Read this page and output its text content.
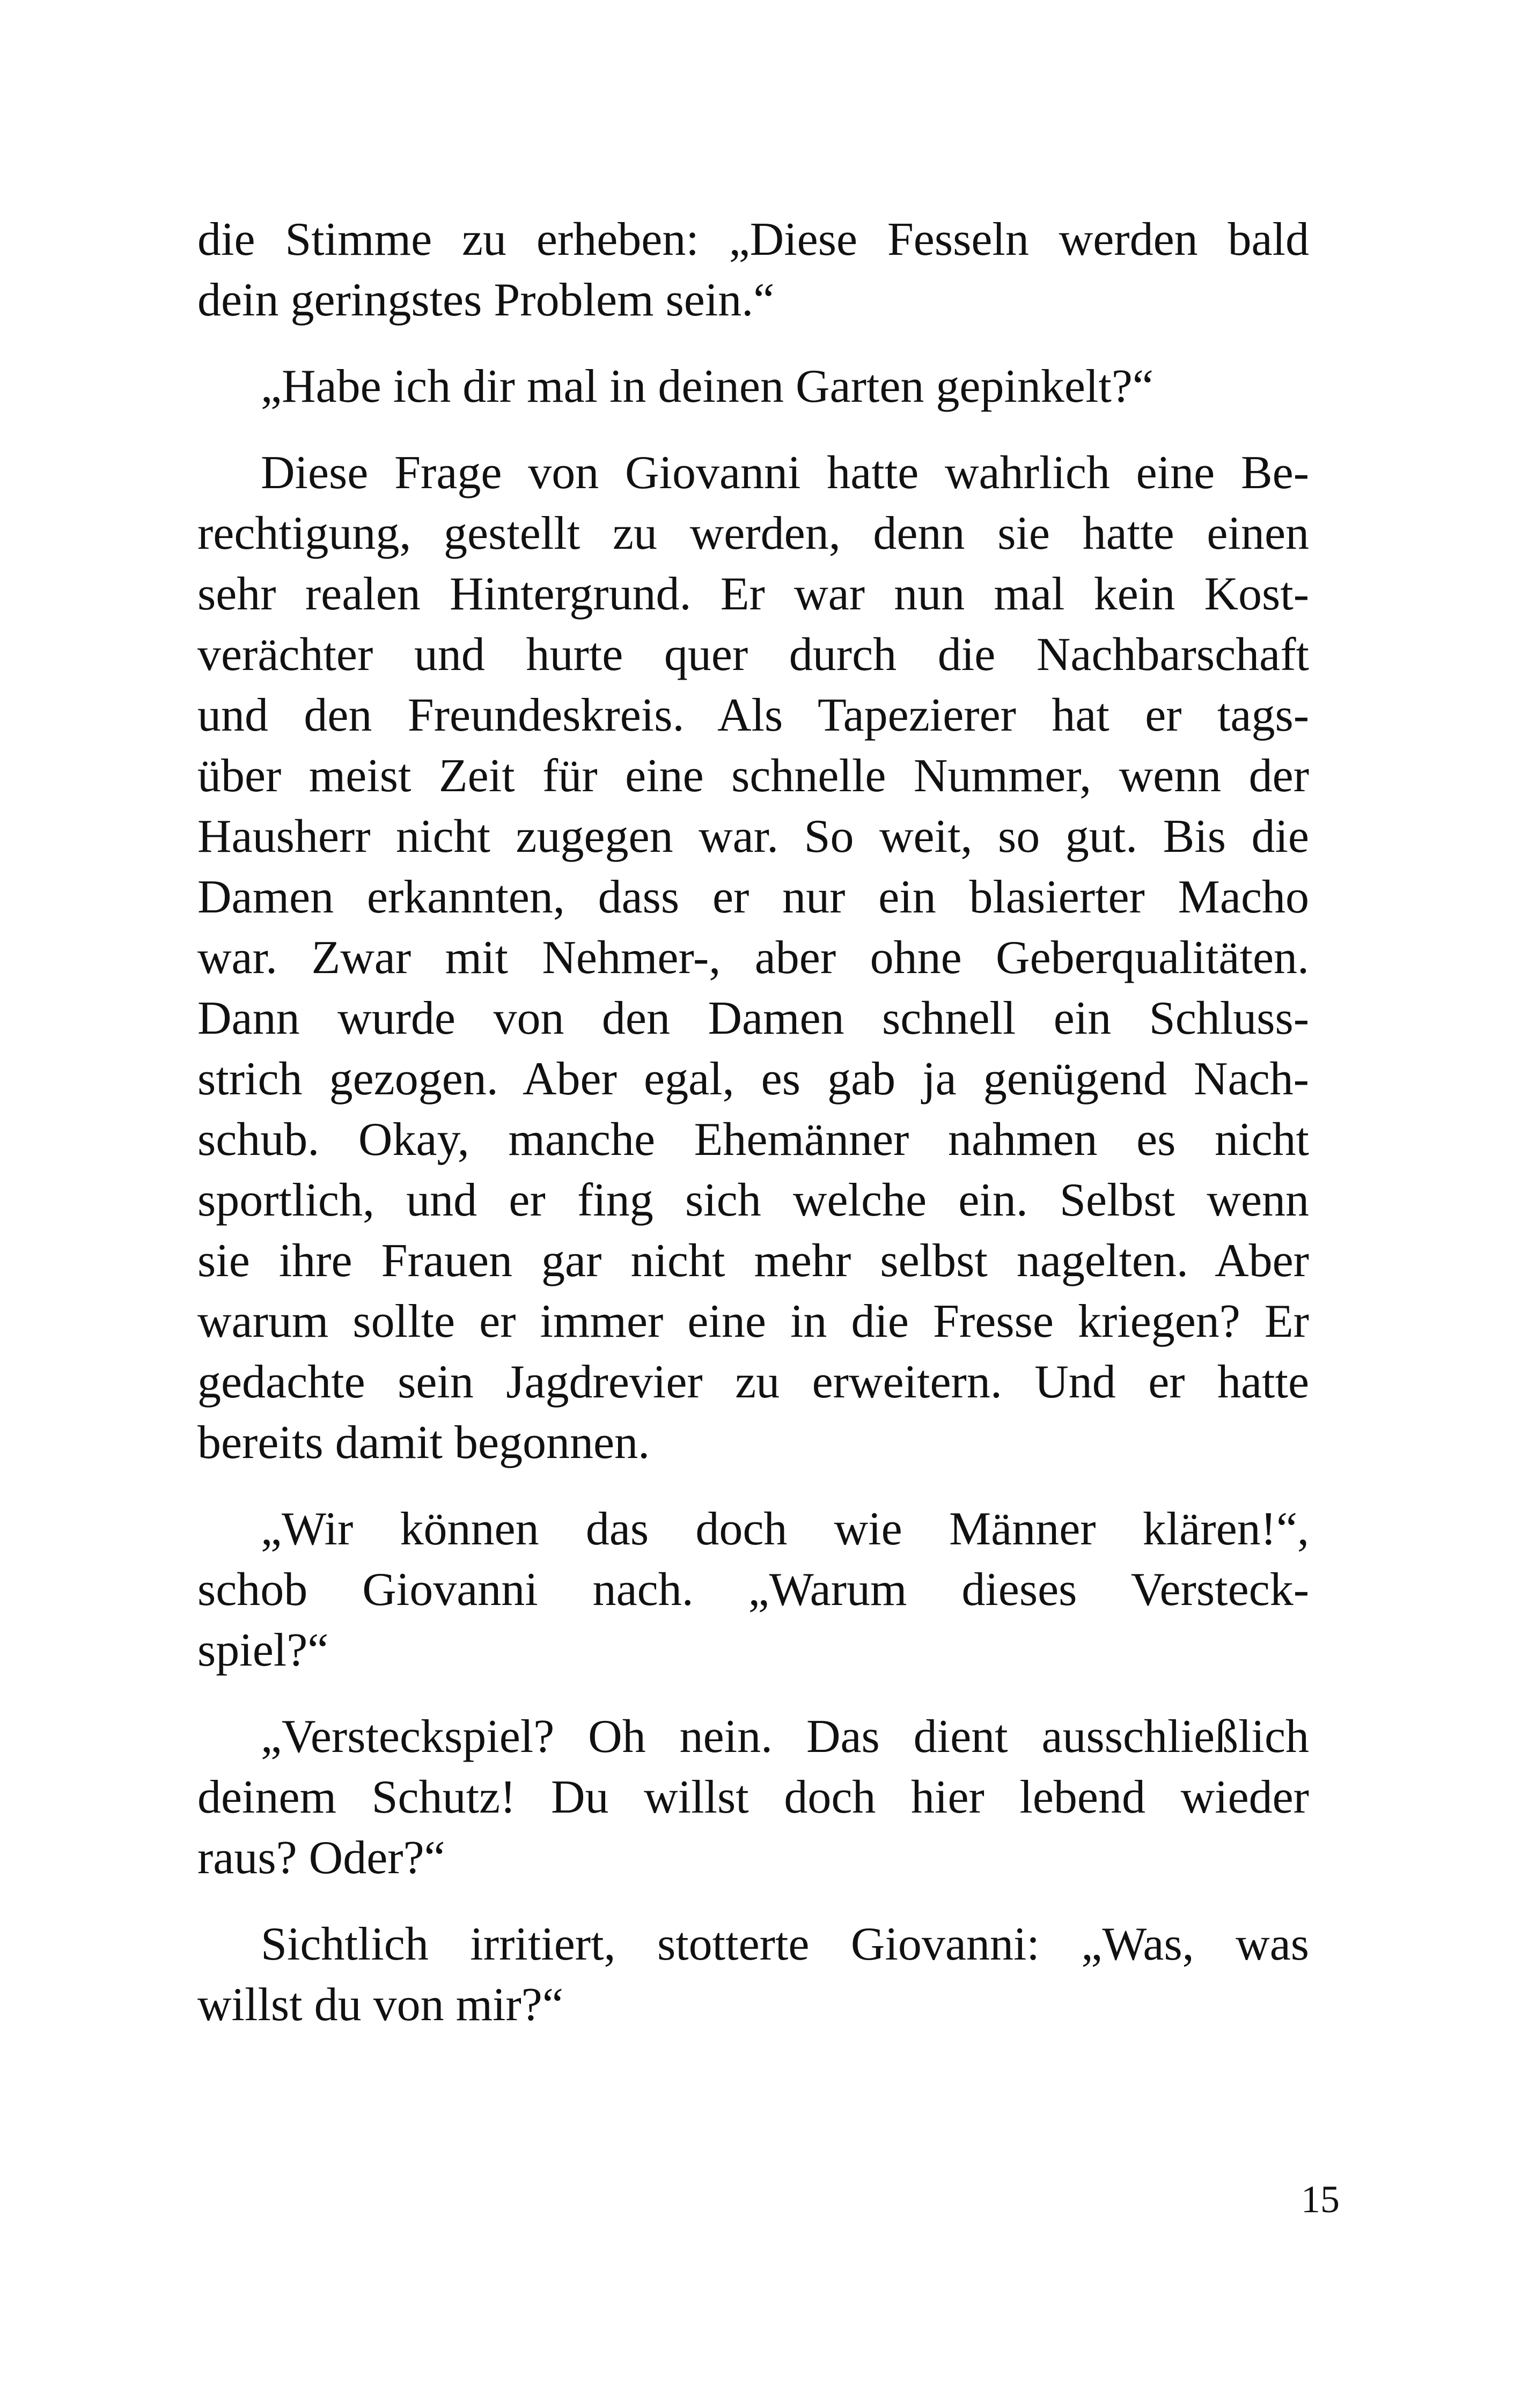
die Stimme zu erheben: „Diese Fesseln werden bald
dein geringstes Problem sein.“
„Habe ich dir mal in deinen Garten gepinkelt?“
Diese Frage von Giovanni hatte wahrlich eine Be-
rechtigung, gestellt zu werden, denn sie hatte einen
sehr realen Hintergrund. Er war nun mal kein Kost-
verächter und hurte quer durch die Nachbarschaft
und den Freundeskreis. Als Tapezierer hat er tags-
über meist Zeit für eine schnelle Nummer, wenn der
Hausherr nicht zugegen war. So weit, so gut. Bis die
Damen erkannten, dass er nur ein blasierter Macho
war. Zwar mit Nehmer-, aber ohne Geberqualitäten.
Dann wurde von den Damen schnell ein Schluss-
strich gezogen. Aber egal, es gab ja genügend Nach-
schub. Okay, manche Ehemänner nahmen es nicht
sportlich, und er fing sich welche ein. Selbst wenn
sie ihre Frauen gar nicht mehr selbst nagelten. Aber
warum sollte er immer eine in die Fresse kriegen? Er
gedachte sein Jagdrevier zu erweitern. Und er hatte
bereits damit begonnen.
„Wir können das doch wie Männer klären!“,
schob Giovanni nach. „Warum dieses Versteck-
spiel?“
„Versteckspiel? Oh nein. Das dient ausschließlich
deinem Schutz! Du willst doch hier lebend wieder
raus? Oder?“
Sichtlich irritiert, stotterte Giovanni: „Was, was
willst du von mir?“
15
